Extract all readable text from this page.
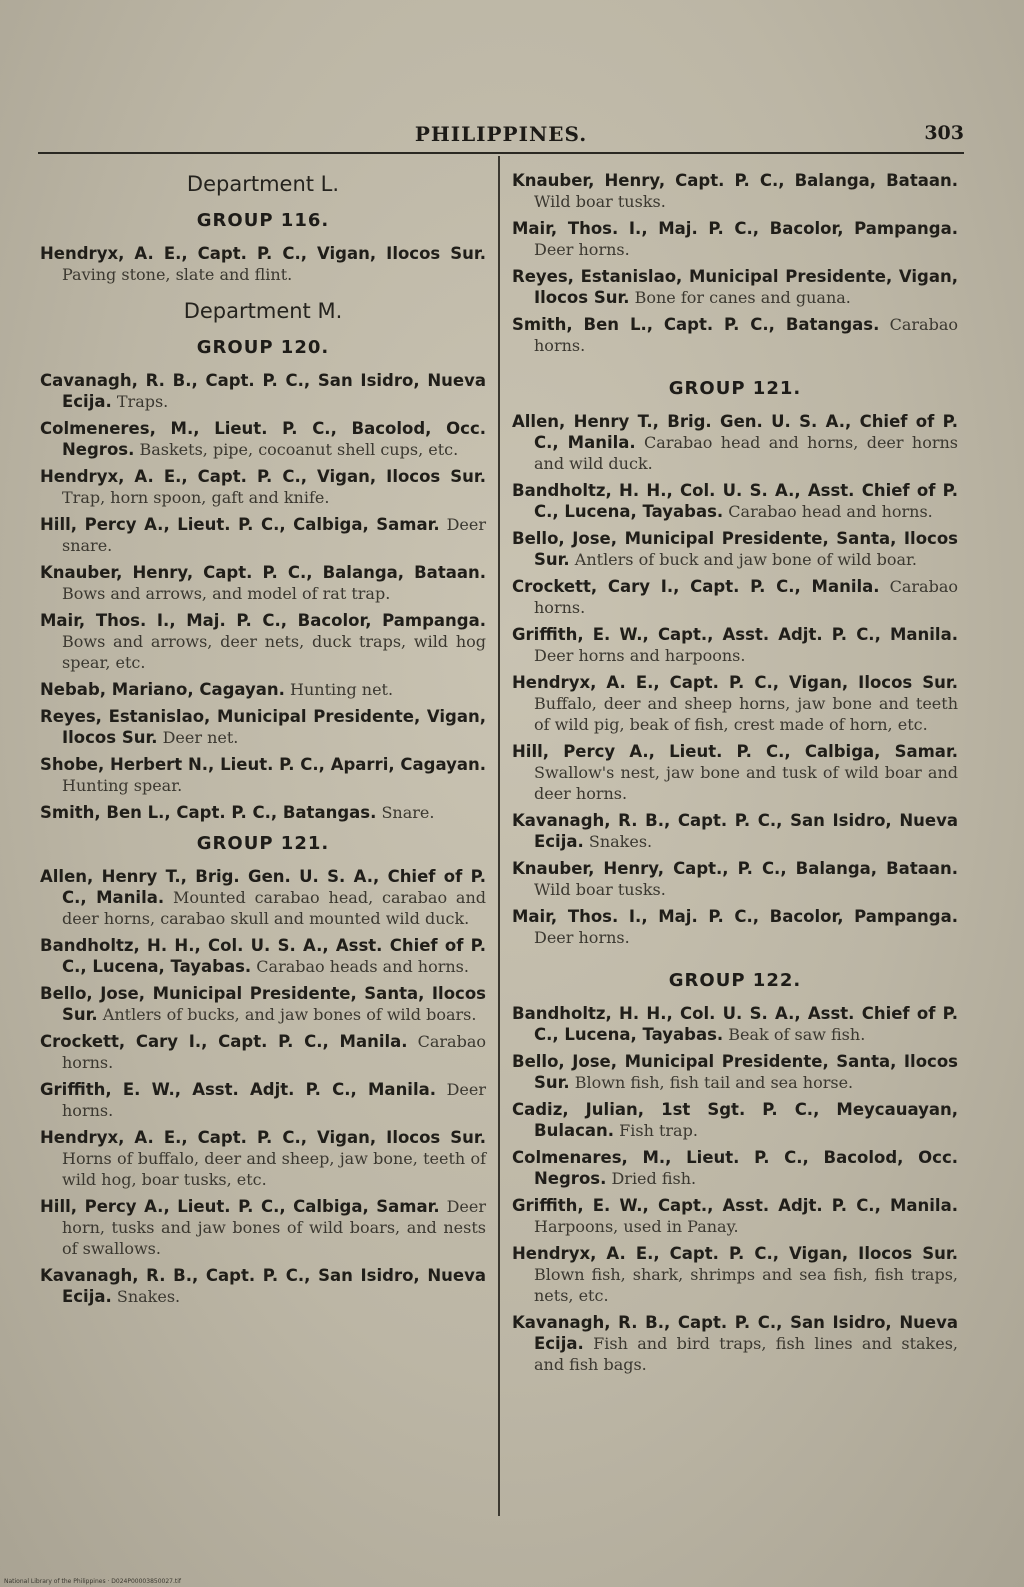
PHILIPPINES.	303
Department L.
GROUP 116.
Hendryx, A. E., Capt. P. C., Vigan, Ilocos Sur. Paving stone, slate and flint.
Department M.
GROUP 120.
Cavanagh, R. B., Capt. P. C., San Isidro, Nueva Ecija. Traps.
Colmeneres, M., Lieut. P. C., Bacolod, Occ. Negros. Baskets, pipe, cocoanut shell cups, etc.
Hendryx, A. E., Capt. P. C., Vigan, Ilocos Sur. Trap, horn spoon, gaft and knife.
Hill, Percy A., Lieut. P. C., Calbiga, Samar. Deer snare.
Knauber, Henry, Capt. P. C., Balanga, Bataan. Bows and arrows, and model of rat trap.
Mair, Thos. I., Maj. P. C., Bacolor, Pampanga. Bows and arrows, deer nets, duck traps, wild hog spear, etc.
Nebab, Mariano, Cagayan. Hunting net.
Reyes, Estanislao, Municipal Presidente, Vigan, Ilocos Sur. Deer net.
Shobe, Herbert N., Lieut. P. C., Aparri, Cagayan. Hunting spear.
Smith, Ben L., Capt. P. C., Batangas. Snare.
GROUP 121.
Allen, Henry T., Brig. Gen. U. S. A., Chief of P. C., Manila. Mounted carabao head, carabao and deer horns, carabao skull and mounted wild duck.
Bandholtz, H. H., Col. U. S. A., Asst. Chief of P. C., Lucena, Tayabas. Carabao heads and horns.
Bello, Jose, Municipal Presidente, Santa, Ilocos Sur. Antlers of bucks, and jaw bones of wild boars.
Crockett, Cary I., Capt. P. C., Manila. Carabao horns.
Griffith, E. W., Asst. Adjt. P. C., Manila. Deer horns.
Hendryx, A. E., Capt. P. C., Vigan, Ilocos Sur. Horns of buffalo, deer and sheep, jaw bone, teeth of wild hog, boar tusks, etc.
Hill, Percy A., Lieut. P. C., Calbiga, Samar. Deer horn, tusks and jaw bones of wild boars, and nests of swallows.
Kavanagh, R. B., Capt. P. C., San Isidro, Nueva Ecija. Snakes.
Knauber, Henry, Capt. P. C., Balanga, Bataan. Wild boar tusks.
Mair, Thos. I., Maj. P. C., Bacolor, Pampanga. Deer horns.
Reyes, Estanislao, Municipal Presidente, Vigan, Ilocos Sur. Bone for canes and guana.
Smith, Ben L., Capt. P. C., Batangas. Carabao horns.
GROUP 121.
Allen, Henry T., Brig. Gen. U. S. A., Chief of P. C., Manila. Carabao head and horns, deer horns and wild duck.
Bandholtz, H. H., Col. U. S. A., Asst. Chief of P. C., Lucena, Tayabas. Carabao head and horns.
Bello, Jose, Municipal Presidente, Santa, Ilocos Sur. Antlers of buck and jaw bone of wild boar.
Crockett, Cary I., Capt. P. C., Manila. Carabao horns.
Griffith, E. W., Capt., Asst. Adjt. P. C., Manila. Deer horns and harpoons.
Hendryx, A. E., Capt. P. C., Vigan, Ilocos Sur. Buffalo, deer and sheep horns, jaw bone and teeth of wild pig, beak of fish, crest made of horn, etc.
Hill, Percy A., Lieut. P. C., Calbiga, Samar. Swallow's nest, jaw bone and tusk of wild boar and deer horns.
Kavanagh, R. B., Capt. P. C., San Isidro, Nueva Ecija. Snakes.
Knauber, Henry, Capt., P. C., Balanga, Bataan. Wild boar tusks.
Mair, Thos. I., Maj. P. C., Bacolor, Pampanga. Deer horns.
GROUP 122.
Bandholtz, H. H., Col. U. S. A., Asst. Chief of P. C., Lucena, Tayabas. Beak of saw fish.
Bello, Jose, Municipal Presidente, Santa, Ilocos Sur. Blown fish, fish tail and sea horse.
Cadiz, Julian, 1st Sgt. P. C., Meycauayan, Bulacan. Fish trap.
Colmenares, M., Lieut. P. C., Bacolod, Occ. Negros. Dried fish.
Griffith, E. W., Capt., Asst. Adjt. P. C., Manila. Harpoons, used in Panay.
Hendryx, A. E., Capt. P. C., Vigan, Ilocos Sur. Blown fish, shark, shrimps and sea fish, fish traps, nets, etc.
Kavanagh, R. B., Capt. P. C., San Isidro, Nueva Ecija. Fish and bird traps, fish lines and stakes, and fish bags.
National Library of the Philippines · D024P00003850027.tif
